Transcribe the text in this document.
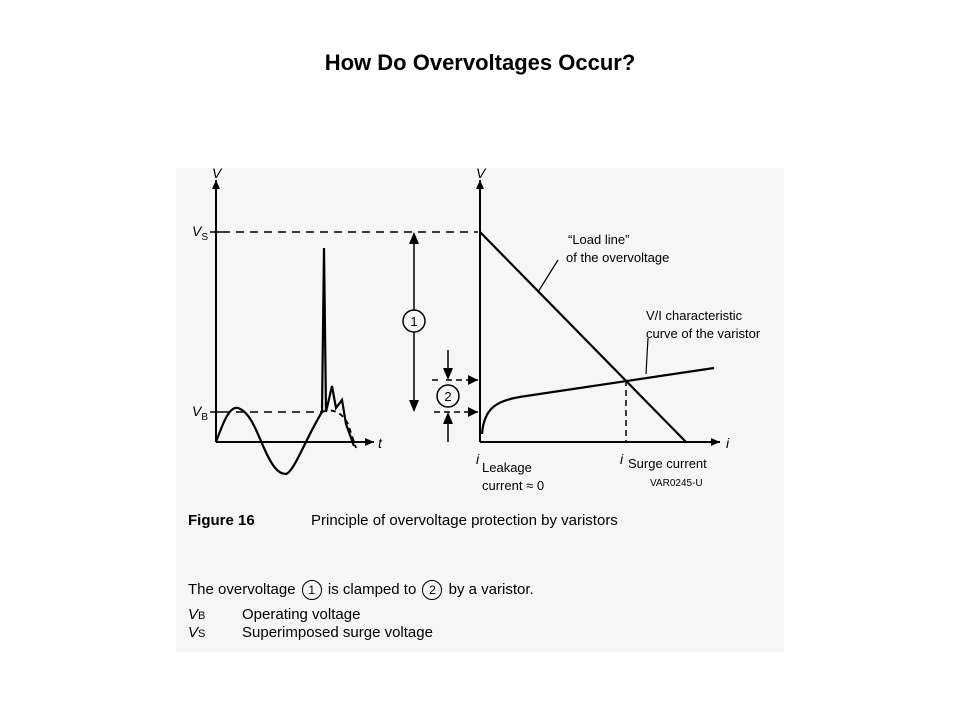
How Do Overvoltages Occur?
V
t
$V_S$
$V_B$
1
2
V
i
“Load line”
of the overvoltage
V/I characteristic
curve of the varistor
i
Leakage
current ≈ 0
i Surge current
VAR0245-U
Figure 16	Principle of overvoltage protection by varistors
The overvoltage 1 is clamped to 2 by a varistor.
VB Operating voltage
VS Superimposed surge voltage
